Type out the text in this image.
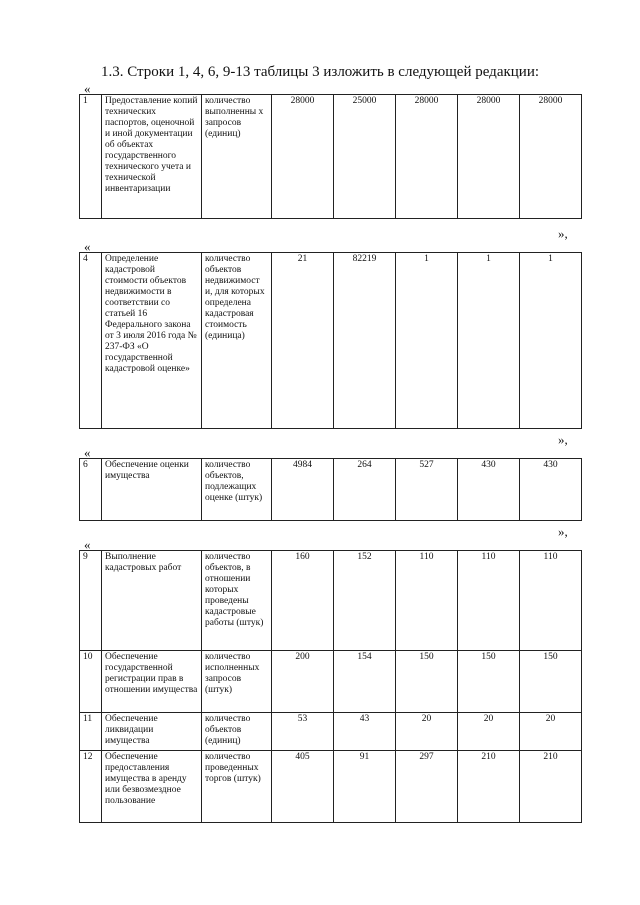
1.3. Строки 1, 4, 6, 9-13 таблицы 3 изложить в следующей редакции:
«
1	Предоставление копий технических паспортов, оценочной и иной документации об объектах государственного технического учета и технической инвентаризации	количество выполненны х запросов (единиц)	28000	25000	28000	28000	28000
»,
«
4	Определение кадастровой стоимости объектов недвижимости в соответствии со статьей 16 Федерального закона от 3 июля 2016 года № 237-ФЗ «О государственной кадастровой оценке»	количество объектов недвижимост и, для которых определена кадастровая стоимость (единица)	21	82219	1	1	1
»,
«
6	Обеспечение оценки имущества	количество объектов, подлежащих оценке (штук)	4984	264	527	430	430
»,
«
9	Выполнение кадастровых работ	количество объектов, в отношении которых проведены кадастровые работы (штук)	160	152	110	110	110
10	Обеспечение государственной регистрации прав в отношении имущества	количество исполненных запросов (штук)	200	154	150	150	150
11	Обеспечение ликвидации имущества	количество объектов (единиц)	53	43	20	20	20
12	Обеспечение предоставления имущества в аренду или безвозмездное пользование	количество проведенных торгов (штук)	405	91	297	210	210
